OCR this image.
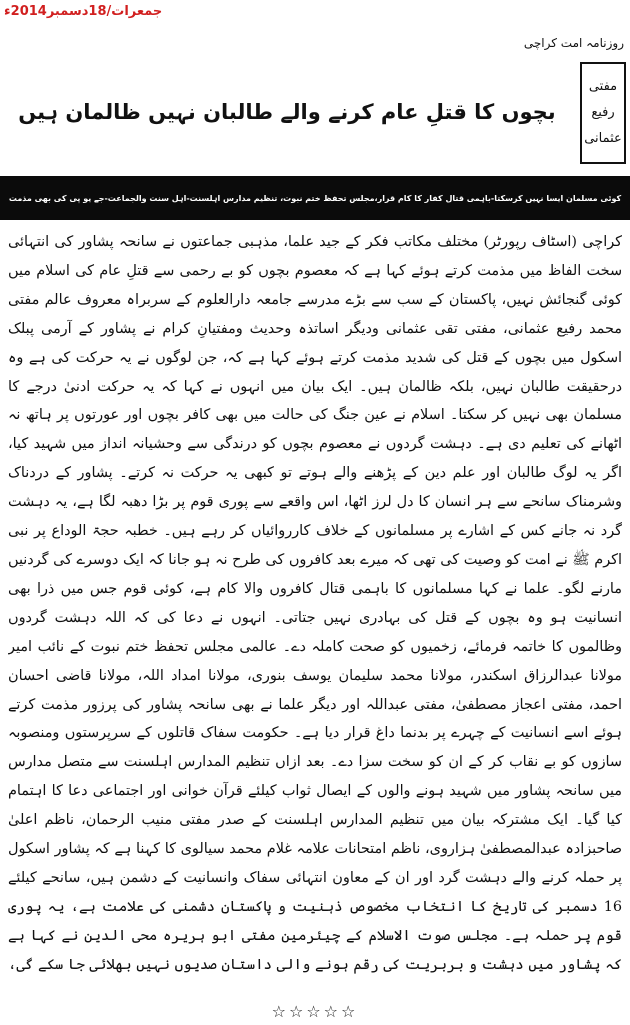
جمعرات/18دسمبر2014ء
روزنامہ امت کراچی
بچوں کا قتلِ عام کرنے والے طالبان نہیں ظالمان ہیں
مفتی
رفیع
عثمانی
کوئی مسلمان ایسا نہیں کرسکتا-باہمی قتال کفار کا کام قرار،مجلس تحفظ ختم نبوت، تنظیم مدارس اہلسنت-اہل سنت والجماعت-جے یو پی کی بھی مذمت
کراچی (اسٹاف رپورٹر) مختلف مکاتب فکر کے جید علما، مذہبی جماعتوں نے سانحہ پشاور کی انتہائی سخت الفاظ میں مذمت کرتے ہوئے کہا ہے کہ معصوم بچوں کو بے رحمی سے قتلِ عام کی اسلام میں کوئی گنجائش نہیں، پاکستان کے سب سے بڑے مدرسے جامعہ دارالعلوم کے سربراہ معروف عالم مفتی محمد رفیع عثمانی، مفتی تقی عثمانی ودیگر اساتذہ وحدیث ومفتیانِ کرام نے پشاور کے آرمی پبلک اسکول میں بچوں کے قتل کی شدید مذمت کرتے ہوئے کہا ہے کہ، جن لوگوں نے یہ حرکت کی ہے وہ درحقیقت طالبان نہیں، بلکہ ظالمان ہیں۔ ایک بیان میں انہوں نے کہا کہ یہ حرکت ادنیٰ درجے کا مسلمان بھی نہیں کر سکتا۔ اسلام نے عین جنگ کی حالت میں بھی کافر بچوں اور عورتوں پر ہاتھ نہ اٹھانے کی تعلیم دی ہے۔ دہشت گردوں نے معصوم بچوں کو درندگی سے وحشیانہ انداز میں شہید کیا، اگر یہ لوگ طالبان اور علم دین کے پڑھنے والے ہوتے تو کبھی یہ حرکت نہ کرتے۔ پشاور کے دردناک وشرمناک سانحے سے ہر انسان کا دل لرز اٹھا، اس واقعے سے پوری قوم پر بڑا دھبہ لگا ہے، یہ دہشت گرد نہ جانے کس کے اشارے پر مسلمانوں کے خلاف کارروائیاں کر رہے ہیں۔ خطبہ حجۃ الوداع پر نبی اکرم ﷺ نے امت کو وصیت کی تھی کہ میرے بعد کافروں کی طرح نہ ہو جانا کہ ایک دوسرے کی گردنیں مارنے لگو۔ علما نے کہا مسلمانوں کا باہمی قتال کافروں والا کام ہے، کوئی قوم جس میں ذرا بھی انسانیت ہو وہ بچوں کے قتل کی بہادری نہیں جتاتی۔ انہوں نے دعا کی کہ اللہ دہشت گردوں وظالموں کا خاتمہ فرمائے، زخمیوں کو صحت کاملہ دے۔ عالمی مجلس تحفظ ختم نبوت کے نائب امیر مولانا عبدالرزاق اسکندر، مولانا محمد سلیمان یوسف بنوری، مولانا امداد اللہ، مولانا قاضی احسان احمد، مفتی اعجاز مصطفیٰ، مفتی عبداللہ اور دیگر علما نے بھی سانحہ پشاور کی پرزور مذمت کرتے ہوئے اسے انسانیت کے چہرے پر بدنما داغ قرار دیا ہے۔ حکومت سفاک قاتلوں کے سرپرستوں ومنصوبہ سازوں کو بے نقاب کر کے ان کو سخت سزا دے۔ بعد ازاں تنظیم المدارس اہلسنت سے متصل مدارس میں سانحہ پشاور میں شہید ہونے والوں کے ایصال ثواب کیلئے قرآن خوانی اور اجتماعی دعا کا اہتمام کیا گیا۔ ایک مشترکہ بیان میں تنظیم المدارس اہلسنت کے صدر مفتی منیب الرحمان، ناظم اعلیٰ صاحبزادہ عبدالمصطفیٰ ہزاروی، ناظم امتحانات علامہ غلام محمد سیالوی کا کہنا ہے کہ پشاور اسکول پر حملہ کرنے والے دہشت گرد اور ان کے معاون انتہائی سفاک وانسانیت کے دشمن ہیں، سانحے کیلئے 16 دسمبر کی تاریخ کا انتخاب مخصوص ذہنیت و پاکستان دشمنی کی علامت ہے، یہ پوری قوم پر حملہ ہے۔ مجلس صوت الاسلام کے چیئرمین مفتی ابو ہریرہ محی الدین نے کہا ہے کہ پشاور میں دہشت و بربریت کی رقم ہونے والی داستان صدیوں نہیں بھلائی جا سکے گی،
☆☆☆☆☆
